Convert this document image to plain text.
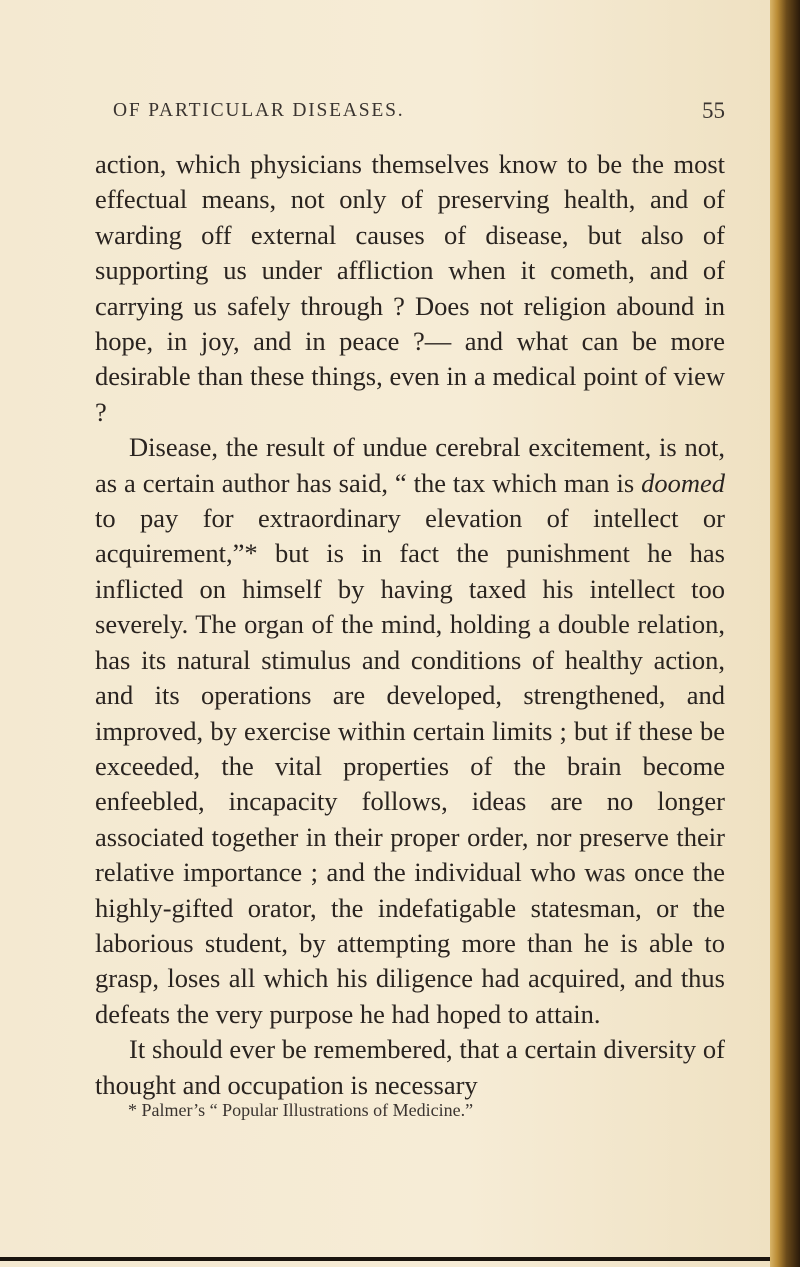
OF PARTICULAR DISEASES.	55

action, which physicians themselves know to be the most effectual means, not only of preserving health, and of warding off external causes of disease, but also of supporting us under affliction when it cometh, and of carrying us safely through ? Does not religion abound in hope, in joy, and in peace ?— and what can be more desirable than these things, even in a medical point of view ?

Disease, the result of undue cerebral excitement, is not, as a certain author has said, “ the tax which man is doomed to pay for extraordinary elevation of intellect or acquirement,”* but is in fact the punishment he has inflicted on himself by having taxed his intellect too severely. The organ of the mind, holding a double relation, has its natural stimulus and conditions of healthy action, and its operations are developed, strengthened, and improved, by exercise within certain limits ; but if these be exceeded, the vital properties of the brain become enfeebled, incapacity follows, ideas are no longer associated together in their proper order, nor preserve their relative importance ; and the individual who was once the highly-gifted orator, the indefatigable statesman, or the laborious student, by attempting more than he is able to grasp, loses all which his diligence had acquired, and thus defeats the very purpose he had hoped to attain.

It should ever be remembered, that a certain diversity of thought and occupation is necessary

* Palmer’s “ Popular Illustrations of Medicine.”
